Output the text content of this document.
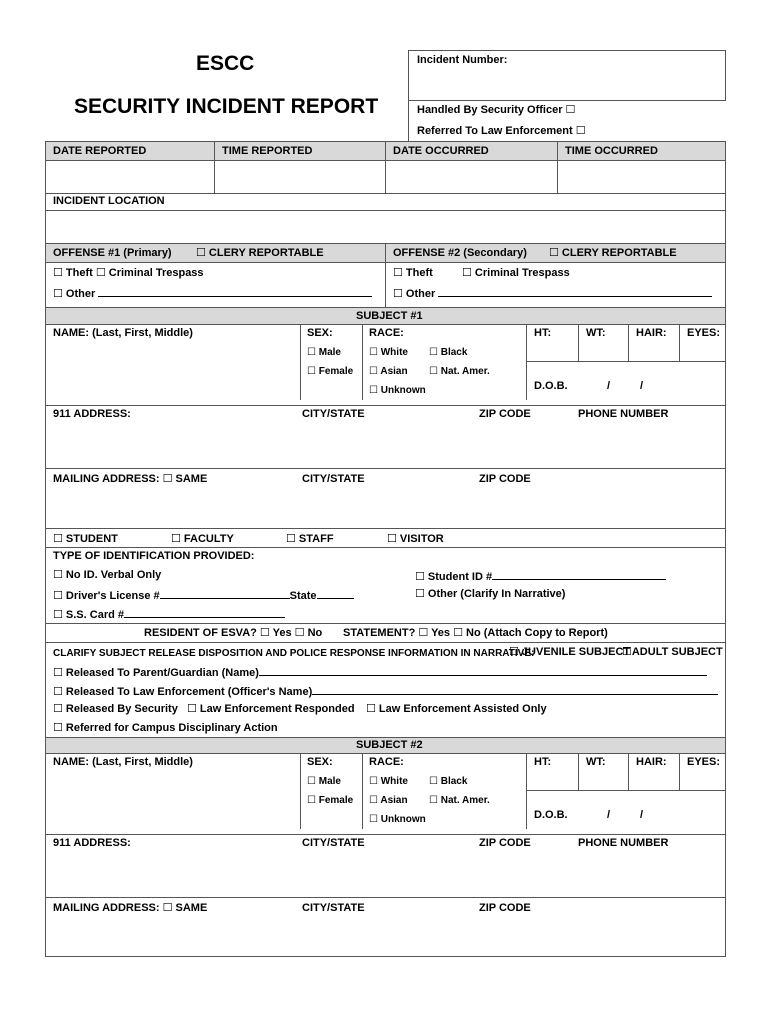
ESCC
SECURITY INCIDENT REPORT
Incident Number:
Handled By Security Officer ☐
Referred To Law Enforcement ☐
DATE REPORTED	TIME REPORTED	DATE OCCURRED	TIME OCCURRED
INCIDENT LOCATION
OFFENSE #1 (Primary) ☐ CLERY REPORTABLE	OFFENSE #2 (Secondary) ☐ CLERY REPORTABLE
☐ Theft ☐ Criminal Trespass
☐ Other
☐ Theft	☐ Criminal Trespass
☐ Other
SUBJECT #1
NAME: (Last, First, Middle)	SEX:	RACE:	HT:	WT:	HAIR: EYES:
☐ Male
☐ Female
☐ White ☐ Black
☐ Asian ☐ Nat. Amer.
☐ Unknown	D.O.B.	/	/
911 ADDRESS:	CITY/STATE	ZIP CODE	PHONE NUMBER
MAILING ADDRESS: ☐ SAME	CITY/STATE	ZIP CODE
☐ STUDENT	☐ FACULTY	☐ STAFF	☐ VISITOR
TYPE OF IDENTIFICATION PROVIDED:
☐ No ID. Verbal Only
☐ Driver's License #	State
☐ S.S. Card #
☐ Student ID #
☐ Other (Clarify In Narrative)
RESIDENT OF ESVA? ☐ Yes ☐ No STATEMENT? ☐ Yes ☐ No (Attach Copy to Report)
CLARIFY SUBJECT RELEASE DISPOSITION AND POLICE RESPONSE INFORMATION IN NARRATIVE:
☐ JUVENILE SUBJECT
☐ADULT SUBJECT
☐ Released To Parent/Guardian (Name)
☐ Released To Law Enforcement (Officer's Name)
☐ Released By Security ☐ Law Enforcement Responded ☐ Law Enforcement Assisted Only
☐ Referred for Campus Disciplinary Action
SUBJECT #2
NAME: (Last, First, Middle)	SEX:	RACE:	HT:	WT:	HAIR: EYES:
☐ Male
☐ Female
☐ White ☐ Black
☐ Asian ☐ Nat. Amer.
☐ Unknown	D.O.B.	/	/
911 ADDRESS:	CITY/STATE	ZIP CODE	PHONE NUMBER
MAILING ADDRESS: ☐ SAME	CITY/STATE	ZIP CODE
